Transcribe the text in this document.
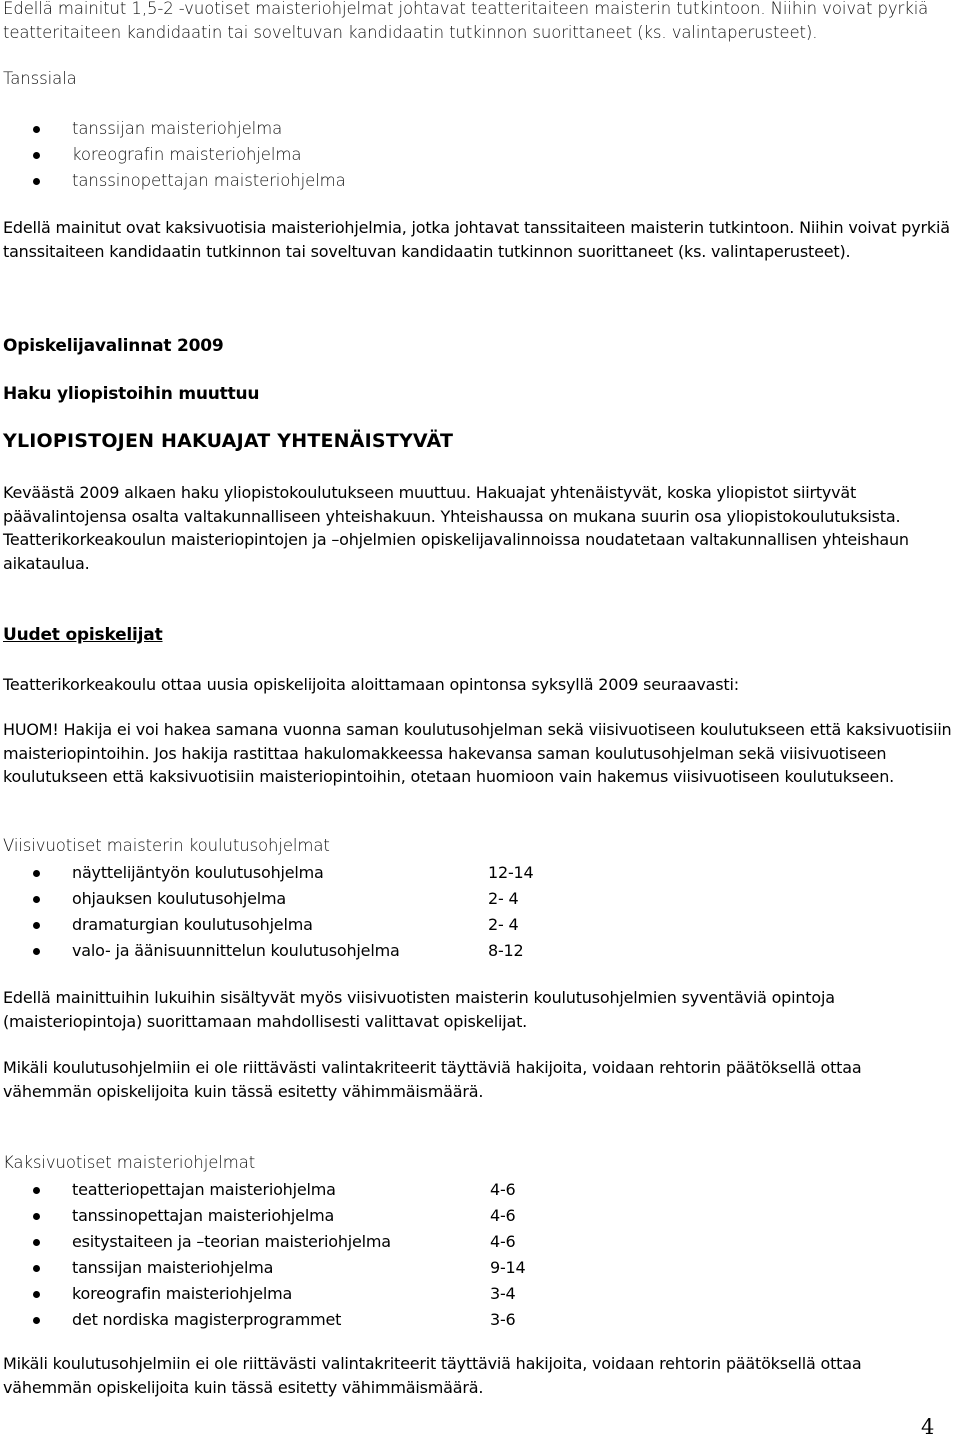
Edellä mainitut 1,5-2 -vuotiset maisteriohjelmat johtavat teatteritaiteen maisterin tutkintoon. Niihin voivat pyrkiä teatteritaiteen kandidaatin tai soveltuvan kandidaatin tutkinnon suorittaneet (ks. valintaperusteet).

Tanssiala

tanssijan maisteriohjelma
koreografin maisteriohjelma
tanssinopettajan maisteriohjelma

Edellä mainitut ovat kaksivuotisia maisteriohjelmia, jotka johtavat tanssitaiteen maisterin tutkintoon. Niihin voivat pyrkiä tanssitaiteen kandidaatin tutkinnon tai soveltuvan kandidaatin tutkinnon suorittaneet (ks. valintaperusteet).

Opiskelijavalinnat 2009

Haku yliopistoihin muuttuu

YLIOPISTOJEN HAKUAJAT YHTENÄISTYVÄT

Keväästä 2009 alkaen haku yliopistokoulutukseen muuttuu. Hakuajat yhtenäistyvät, koska yliopistot siirtyvät päävalintojensa osalta valtakunnalliseen yhteishakuun. Yhteishaussa on mukana suurin osa yliopistokoulutuksista. Teatterikorkeakoulun maisteriopintojen ja –ohjelmien opiskelijavalinnoissa noudatetaan valtakunnallisen yhteishaun aikataulua.

Uudet opiskelijat

Teatterikorkeakoulu ottaa uusia opiskelijoita aloittamaan opintonsa syksyllä 2009 seuraavasti:

HUOM! Hakija ei voi hakea samana vuonna saman koulutusohjelman sekä viisivuotiseen koulutukseen että kaksivuotisiin maisteriopintoihin. Jos hakija rastittaa hakulomakkeessa hakevansa saman koulutusohjelman sekä viisivuotiseen koulutukseen että kaksivuotisiin maisteriopintoihin, otetaan huomioon vain hakemus viisivuotiseen koulutukseen.

Viisivuotiset maisterin koulutusohjelmat

näyttelijäntyön koulutusohjelma	12-14
ohjauksen koulutusohjelma	2- 4
dramaturgian koulutusohjelma	2- 4
valo- ja äänisuunnittelun koulutusohjelma	8-12

Edellä mainittuihin lukuihin sisältyvät myös viisivuotisten maisterin koulutusohjelmien syventäviä opintoja (maisteriopintoja) suorittamaan mahdollisesti valittavat opiskelijat.

Mikäli koulutusohjelmiin ei ole riittävästi valintakriteerit täyttäviä hakijoita, voidaan rehtorin päätöksellä ottaa vähemmän opiskelijoita kuin tässä esitetty vähimmäismäärä.

Kaksivuotiset maisteriohjelmat

teatteriopettajan maisteriohjelma	4-6
tanssinopettajan maisteriohjelma	4-6
esitystaiteen ja –teorian maisteriohjelma	4-6
tanssijan maisteriohjelma	9-14
koreografin maisteriohjelma	3-4
det nordiska magisterprogrammet	3-6

Mikäli koulutusohjelmiin ei ole riittävästi valintakriteerit täyttäviä hakijoita, voidaan rehtorin päätöksellä ottaa vähemmän opiskelijoita kuin tässä esitetty vähimmäismäärä.

4
